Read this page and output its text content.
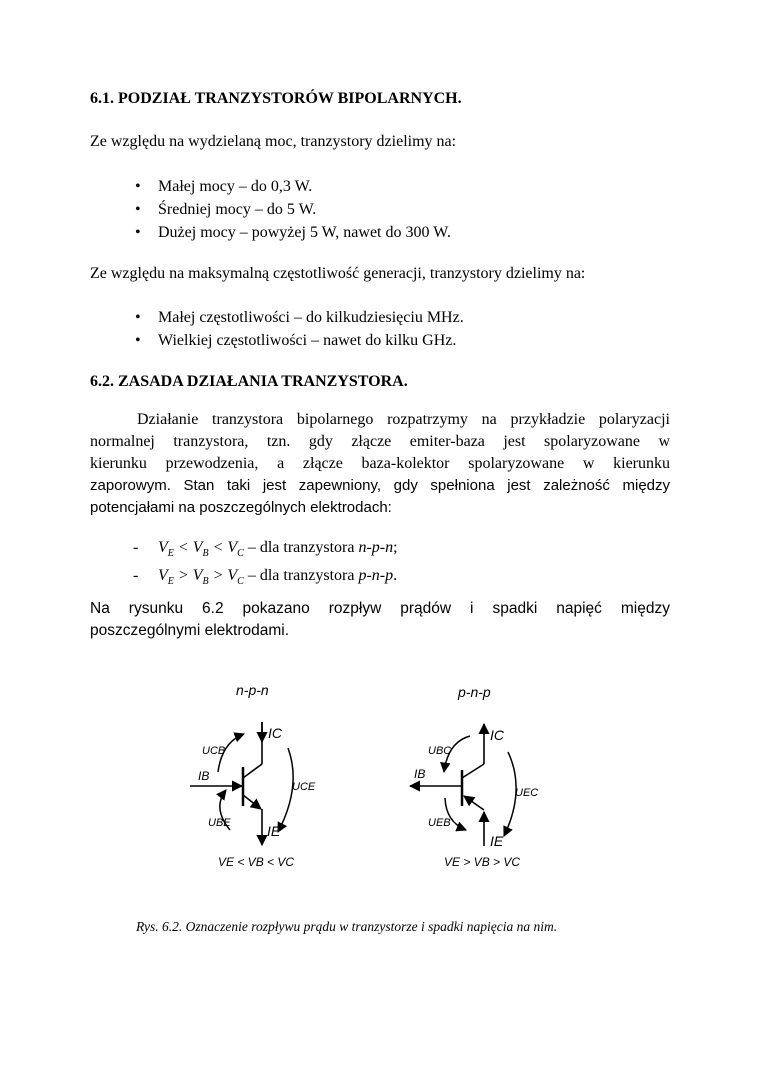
6.1. PODZIAŁ TRANZYSTORÓW BIPOLARNYCH.

Ze względu na wydzielaną moc, tranzystory dzielimy na:

• Małej mocy – do 0,3 W.
• Średniej mocy – do 5 W.
• Dużej mocy – powyżej 5 W, nawet do 300 W.

Ze względu na maksymalną częstotliwość generacji, tranzystory dzielimy na:

• Małej częstotliwości – do kilkudziesięciu MHz.
• Wielkiej częstotliwości – nawet do kilku GHz.
6.2. ZASADA DZIAŁANIA TRANZYSTORA.
Działanie tranzystora bipolarnego rozpatrzymy na przykładzie polaryzacji
normalnej tranzystora, tzn. gdy złącze emiter-baza jest spolaryzowane w
kierunku przewodzenia, a złącze baza-kolektor spolaryzowane w kierunku
zaporowym. Stan taki jest zapewniony, gdy spełniona jest zależność między
potencjałami na poszczególnych elektrodach:
- $V_E < V_B < V_C$ – dla tranzystora n-p-n;
- $V_E > V_B > V_C$ – dla tranzystora p-n-p.
Na rysunku 6.2 pokazano rozpływ prądów i spadki napięć między
poszczególnymi elektrodami.
Rys. 6.2. Oznaczenie rozpływu prądu w tranzystorze i spadki napięcia na nim.
n-p-n
IC
UCB
IB
UCE
UBE	IE
VE < VB < VC
p-n-p
IC
UBC
IB
UEC
UEB
IE
VE > VB > VC
